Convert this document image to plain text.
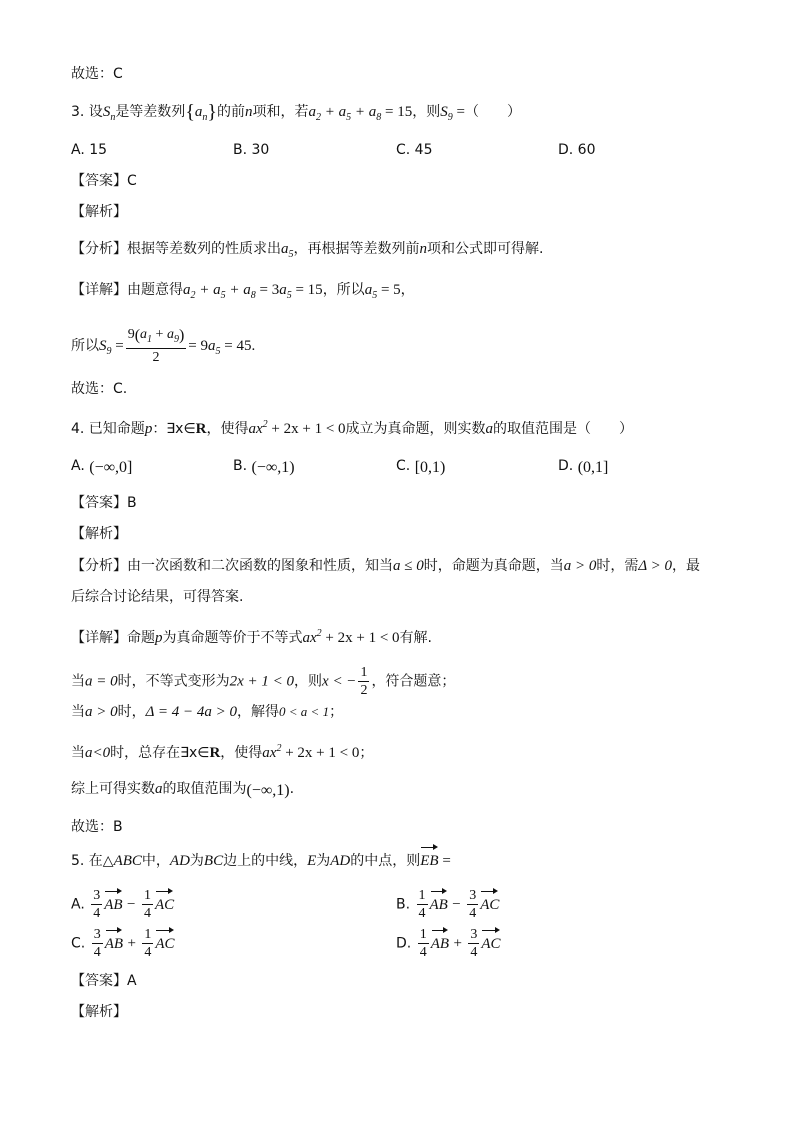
故选：C
3. 设$S_n$是等差数列$\{a_n\}$的前n项和，若$a_2 + a_5 + a_8 = 15$，则$S_9$ =（　　）
A. 15	B. 30	C. 45	D. 60
【答案】C
【解析】
【分析】根据等差数列的性质求出$a_5$，再根据等差数列前n项和公式即可得解.
【详解】由题意得$a_2 + a_5 + a_8 = 3a_5 = 15$，所以$a_5 = 5$，
所以$S_9 = \frac{9(a_1 + a_9)}{2} = 9a_5 = 45$.
故选：C.
4. 已知命题p：∃x∈R，使得$ax^2 + 2x + 1 < 0$成立为真命题，则实数a的取值范围是（　　）
A. (−∞,0]	B. (−∞,1)	C. [0,1)	D. (0,1]
【答案】B
【解析】
【分析】由一次函数和二次函数的图象和性质，知当a ≤ 0时，命题为真命题，当a > 0时，需Δ > 0，最
后综合讨论结果，可得答案.
【详解】命题p为真命题等价于不等式$ax^2 + 2x + 1 < 0$有解.
当a = 0时，不等式变形为2x + 1 < 0，则x < − $\frac{1}{2}$ ，符合题意；
当a > 0时，Δ = 4 − 4a > 0，解得0 < a < 1；
当a<0时，总存在∃x∈R，使得$ax^2 + 2x + 1 < 0$；
综上可得实数a的取值范围为(−∞,1).
故选：B
5. 在△ABC中，AD为BC边上的中线，E为AD的中点，则
EB =
A. $\frac{3}{4}$ AB − $\frac{1}{4}$ AC	B. $\frac{1}{4}$ AB − $\frac{3}{4}$ AC
C. $\frac{3}{4}$ AB + $\frac{1}{4}$ AC	D. $\frac{1}{4}$ AB + $\frac{3}{4}$ AC
【答案】A
【解析】
